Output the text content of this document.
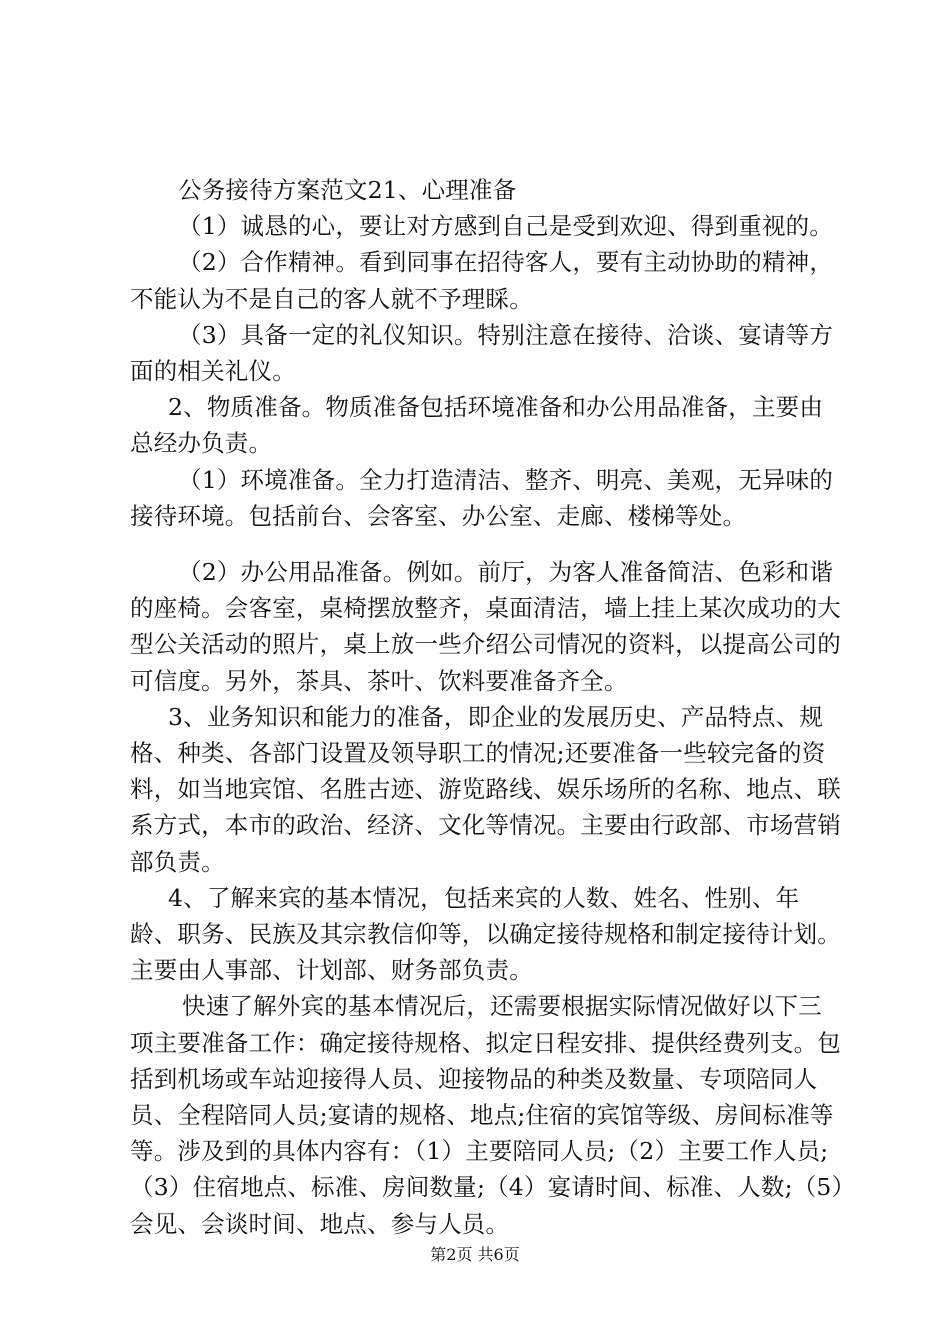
公务接待方案范文21、心理准备

（1）诚恳的心，要让对方感到自己是受到欢迎、得到重视的。

（2）合作精神。看到同事在招待客人，要有主动协助的精神，不能认为不是自己的客人就不予理睬。

（3）具备一定的礼仪知识。特别注意在接待、洽谈、宴请等方面的相关礼仪。

2、物质准备。物质准备包括环境准备和办公用品准备，主要由总经办负责。

（1）环境准备。全力打造清洁、整齐、明亮、美观，无异味的接待环境。包括前台、会客室、办公室、走廊、楼梯等处。

（2）办公用品准备。例如。前厅，为客人准备简洁、色彩和谐的座椅。会客室，桌椅摆放整齐，桌面清洁，墙上挂上某次成功的大型公关活动的照片，桌上放一些介绍公司情况的资料，以提高公司的可信度。另外，茶具、茶叶、饮料要准备齐全。

3、业务知识和能力的准备，即企业的发展历史、产品特点、规格、种类、各部门设置及领导职工的情况;还要准备一些较完备的资料，如当地宾馆、名胜古迹、游览路线、娱乐场所的名称、地点、联系方式，本市的政治、经济、文化等情况。主要由行政部、市场营销部负责。

4、了解来宾的基本情况，包括来宾的人数、姓名、性别、年龄、职务、民族及其宗教信仰等，以确定接待规格和制定接待计划。主要由人事部、计划部、财务部负责。

快速了解外宾的基本情况后，还需要根据实际情况做好以下三项主要准备工作：确定接待规格、拟定日程安排、提供经费列支。包括到机场或车站迎接得人员、迎接物品的种类及数量、专项陪同人员、全程陪同人员;宴请的规格、地点;住宿的宾馆等级、房间标准等等。涉及到的具体内容有：（1）主要陪同人员;（2）主要工作人员;（3）住宿地点、标准、房间数量;（4）宴请时间、标准、人数;（5）会见、会谈时间、地点、参与人员。

第2页 共6页
